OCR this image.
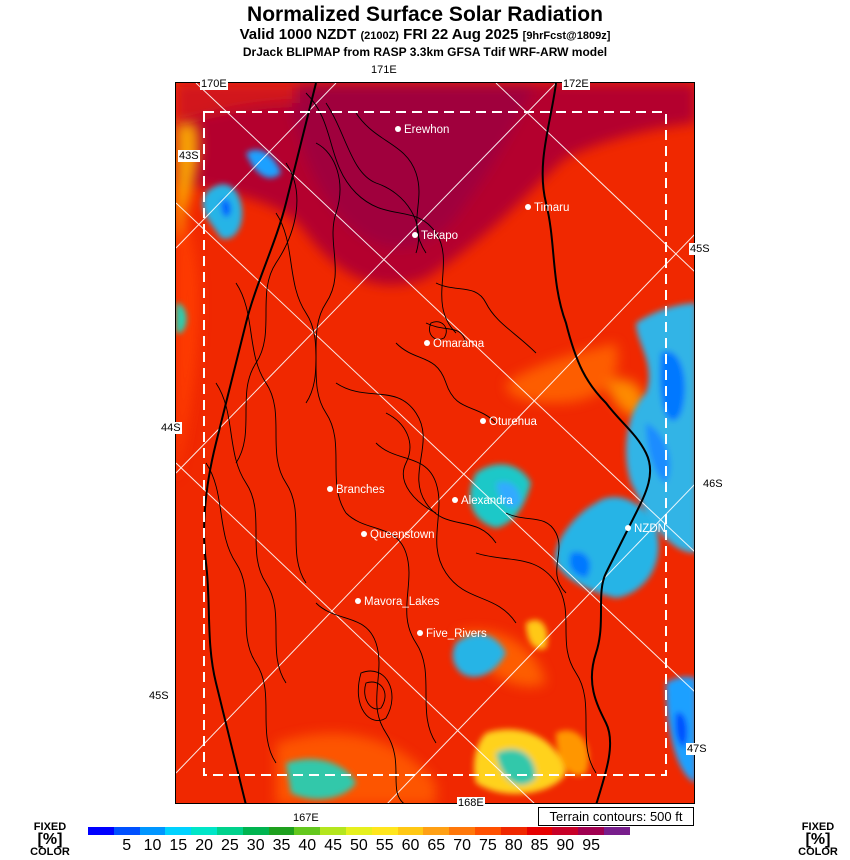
Normalized Surface Solar Radiation
Valid 1000 NZDT (2100Z) FRI 22 Aug 2025 [9hrFcst@1809z]
DrJack BLIPMAP from RASP 3.3km GFSA Tdif WRF-ARW model
171E
Erewhon
Timaru
Tekapo
Omarama
Oturehua
Branches
Alexandra
NZDN
Queenstown
Mavora_Lakes
Five_Rivers
170E	172E
43S
45S
44S
46S
45S
47S
168E
167E	Terrain contours: 500 ft
FIXED
[%]
COLOR	5 10 15 20 25 30 35 40 45 50 55 60 65 70 75 80 85 90 95
FIXED
[%]
COLOR
